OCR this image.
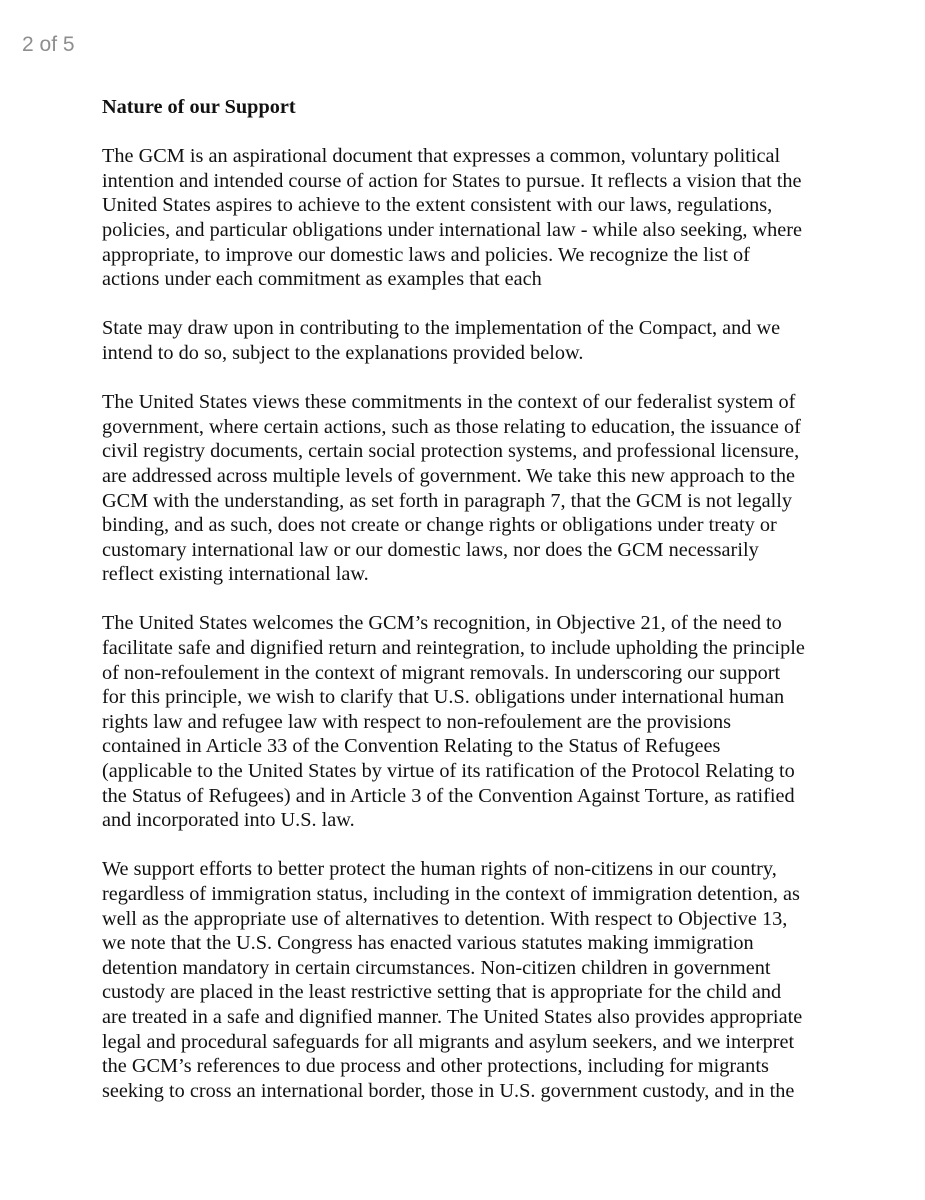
2 of 5
Nature of our Support
The GCM is an aspirational document that expresses a common, voluntary political
intention and intended course of action for States to pursue. It reflects a vision that the
United States aspires to achieve to the extent consistent with our laws, regulations,
policies, and particular obligations under international law - while also seeking, where
appropriate, to improve our domestic laws and policies. We recognize the list of
actions under each commitment as examples that each
State may draw upon in contributing to the implementation of the Compact, and we
intend to do so, subject to the explanations provided below.
The United States views these commitments in the context of our federalist system of
government, where certain actions, such as those relating to education, the issuance of
civil registry documents, certain social protection systems, and professional licensure,
are addressed across multiple levels of government. We take this new approach to the
GCM with the understanding, as set forth in paragraph 7, that the GCM is not legally
binding, and as such, does not create or change rights or obligations under treaty or
customary international law or our domestic laws, nor does the GCM necessarily
reflect existing international law.
The United States welcomes the GCM’s recognition, in Objective 21, of the need to
facilitate safe and dignified return and reintegration, to include upholding the principle
of non-refoulement in the context of migrant removals. In underscoring our support
for this principle, we wish to clarify that U.S. obligations under international human
rights law and refugee law with respect to non-refoulement are the provisions
contained in Article 33 of the Convention Relating to the Status of Refugees
(applicable to the United States by virtue of its ratification of the Protocol Relating to
the Status of Refugees) and in Article 3 of the Convention Against Torture, as ratified
and incorporated into U.S. law.
We support efforts to better protect the human rights of non-citizens in our country,
regardless of immigration status, including in the context of immigration detention, as
well as the appropriate use of alternatives to detention. With respect to Objective 13,
we note that the U.S. Congress has enacted various statutes making immigration
detention mandatory in certain circumstances. Non-citizen children in government
custody are placed in the least restrictive setting that is appropriate for the child and
are treated in a safe and dignified manner. The United States also provides appropriate
legal and procedural safeguards for all migrants and asylum seekers, and we interpret
the GCM’s references to due process and other protections, including for migrants
seeking to cross an international border, those in U.S. government custody, and in the
